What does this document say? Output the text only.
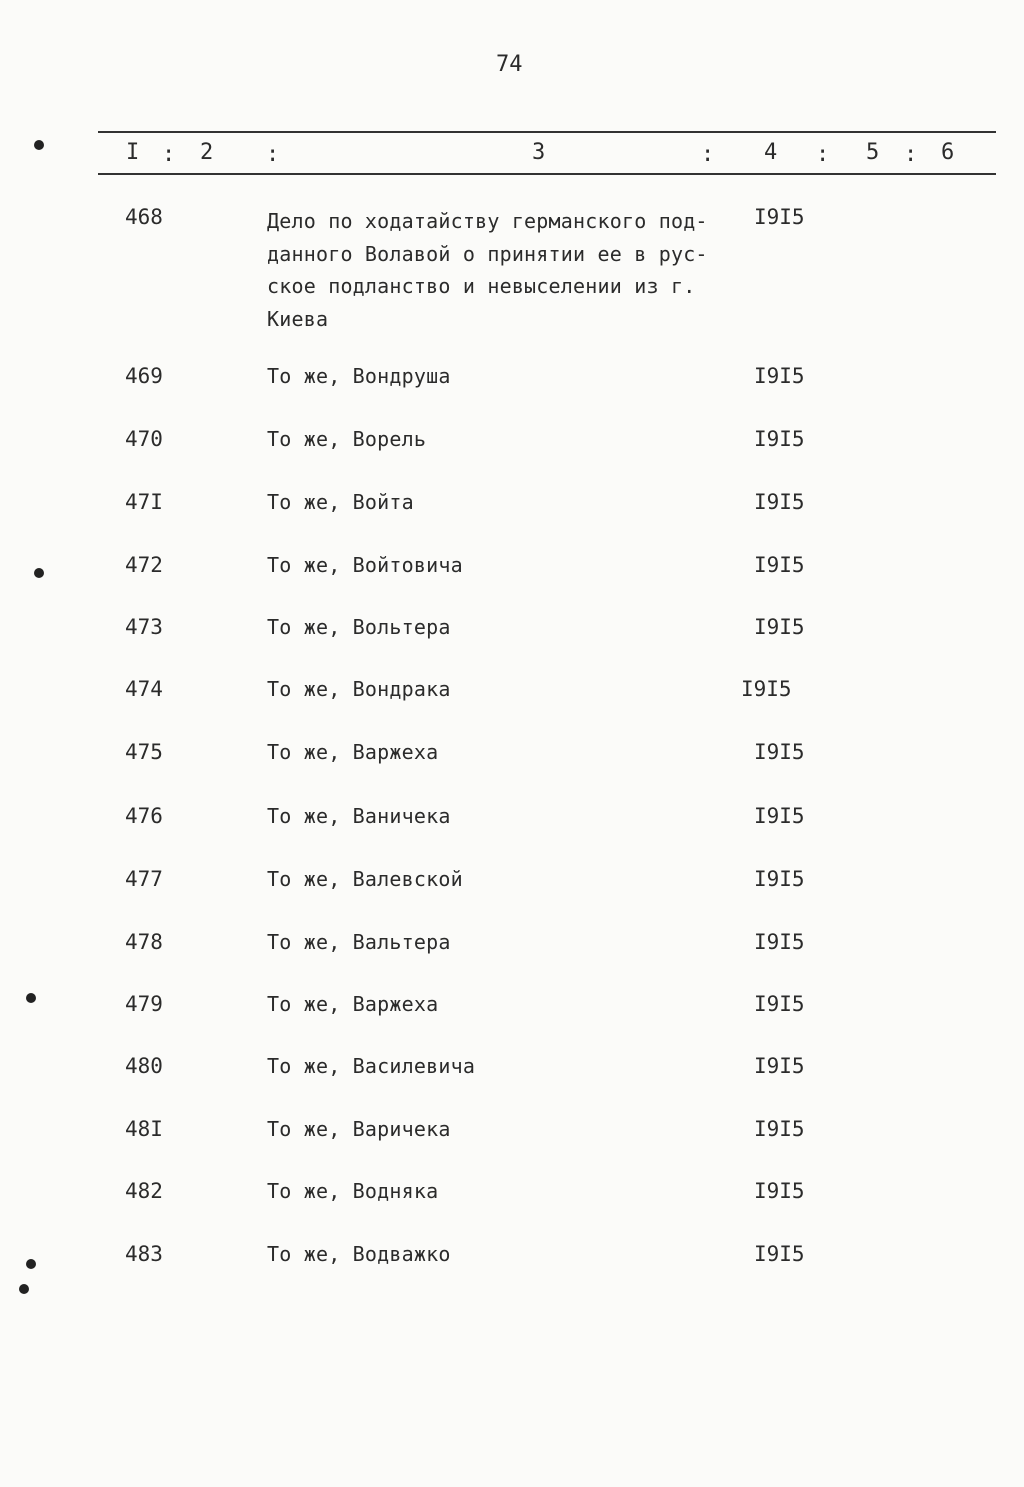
74
I : 2 :	3	: 4 : 5 : 6
468	Дело по ходатайству германского под-
данного Волавой о принятии ее в рус-
ское подланство и невыселении из г.
Киева
I9I5
469	То же, Вондруша	I9I5
470	То же, Ворель	I9I5
47I	То же, Войта	I9I5
472	То же, Войтовича	I9I5
473	То же, Вольтера	I9I5
474	То же, Вондрака	I9I5
475	То же, Варжеха	I9I5
476	То же, Ваничека	I9I5
477	То же, Валевской	I9I5
478	То же, Вальтера	I9I5
479	То же, Варжеха	I9I5
480	То же, Василевича	I9I5
48I	То же, Варичека	I9I5
482	То же, Водняка	I9I5
483	То же, Водважко	I9I5
